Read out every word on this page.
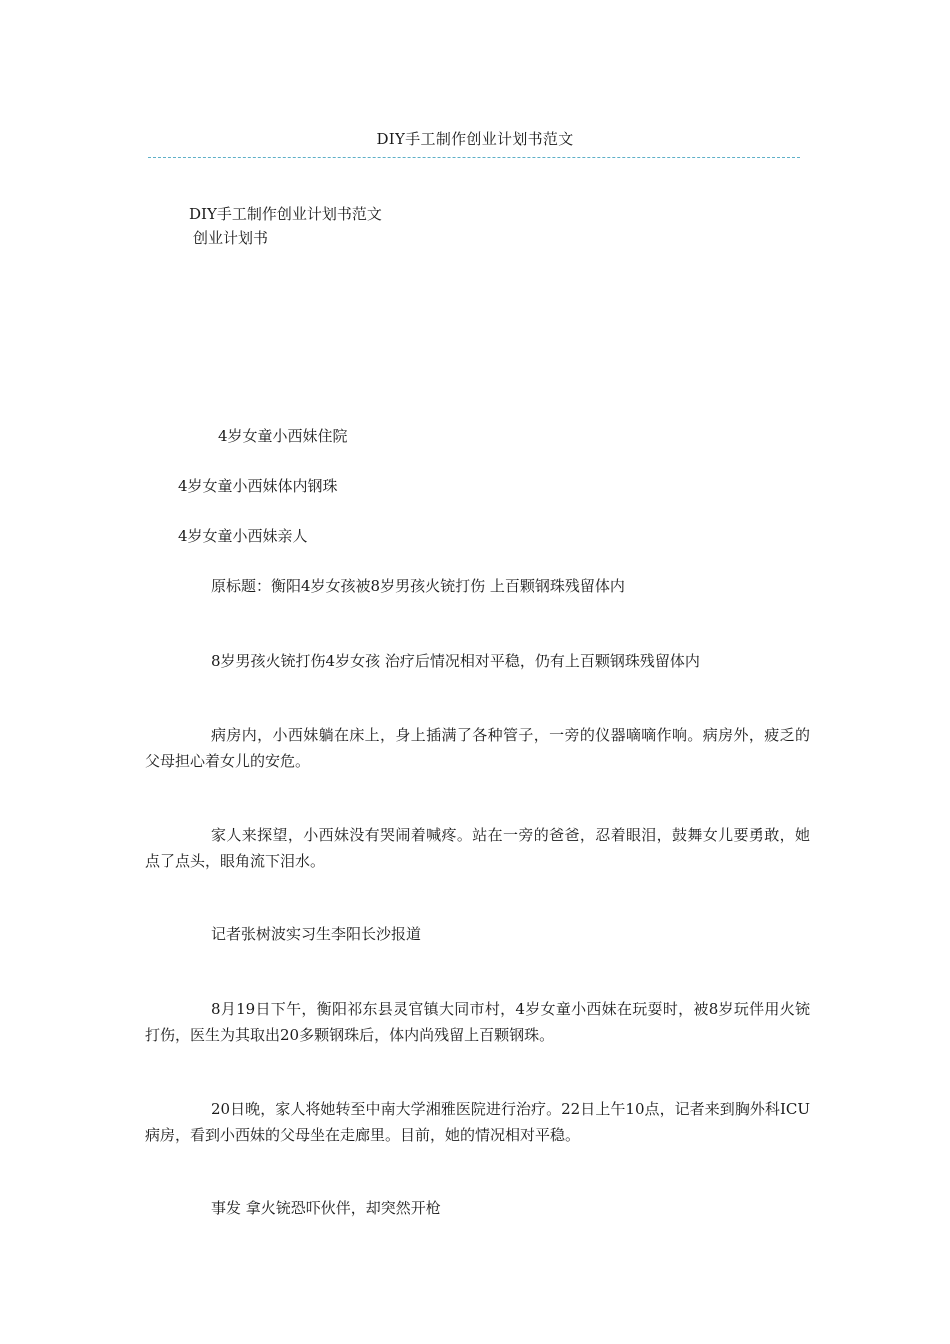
DIY手工制作创业计划书范文
DIY手工制作创业计划书范文
创业计划书
4岁女童小西妹住院
4岁女童小西妹体内钢珠
4岁女童小西妹亲人
原标题：衡阳4岁女孩被8岁男孩火铳打伤 上百颗钢珠残留体内
8岁男孩火铳打伤4岁女孩 治疗后情况相对平稳，仍有上百颗钢珠残留体内
病房内，小西妹躺在床上，身上插满了各种管子，一旁的仪器嘀嘀作响。病房外，疲乏的父母担心着女儿的安危。
家人来探望，小西妹没有哭闹着喊疼。站在一旁的爸爸，忍着眼泪，鼓舞女儿要勇敢，她点了点头，眼角流下泪水。
记者张树波实习生李阳长沙报道
8月19日下午，衡阳祁东县灵官镇大同市村，4岁女童小西妹在玩耍时，被8岁玩伴用火铳打伤，医生为其取出20多颗钢珠后，体内尚残留上百颗钢珠。
20日晚，家人将她转至中南大学湘雅医院进行治疗。22日上午10点，记者来到胸外科ICU病房，看到小西妹的父母坐在走廊里。目前，她的情况相对平稳。
事发 拿火铳恐吓伙伴，却突然开枪
